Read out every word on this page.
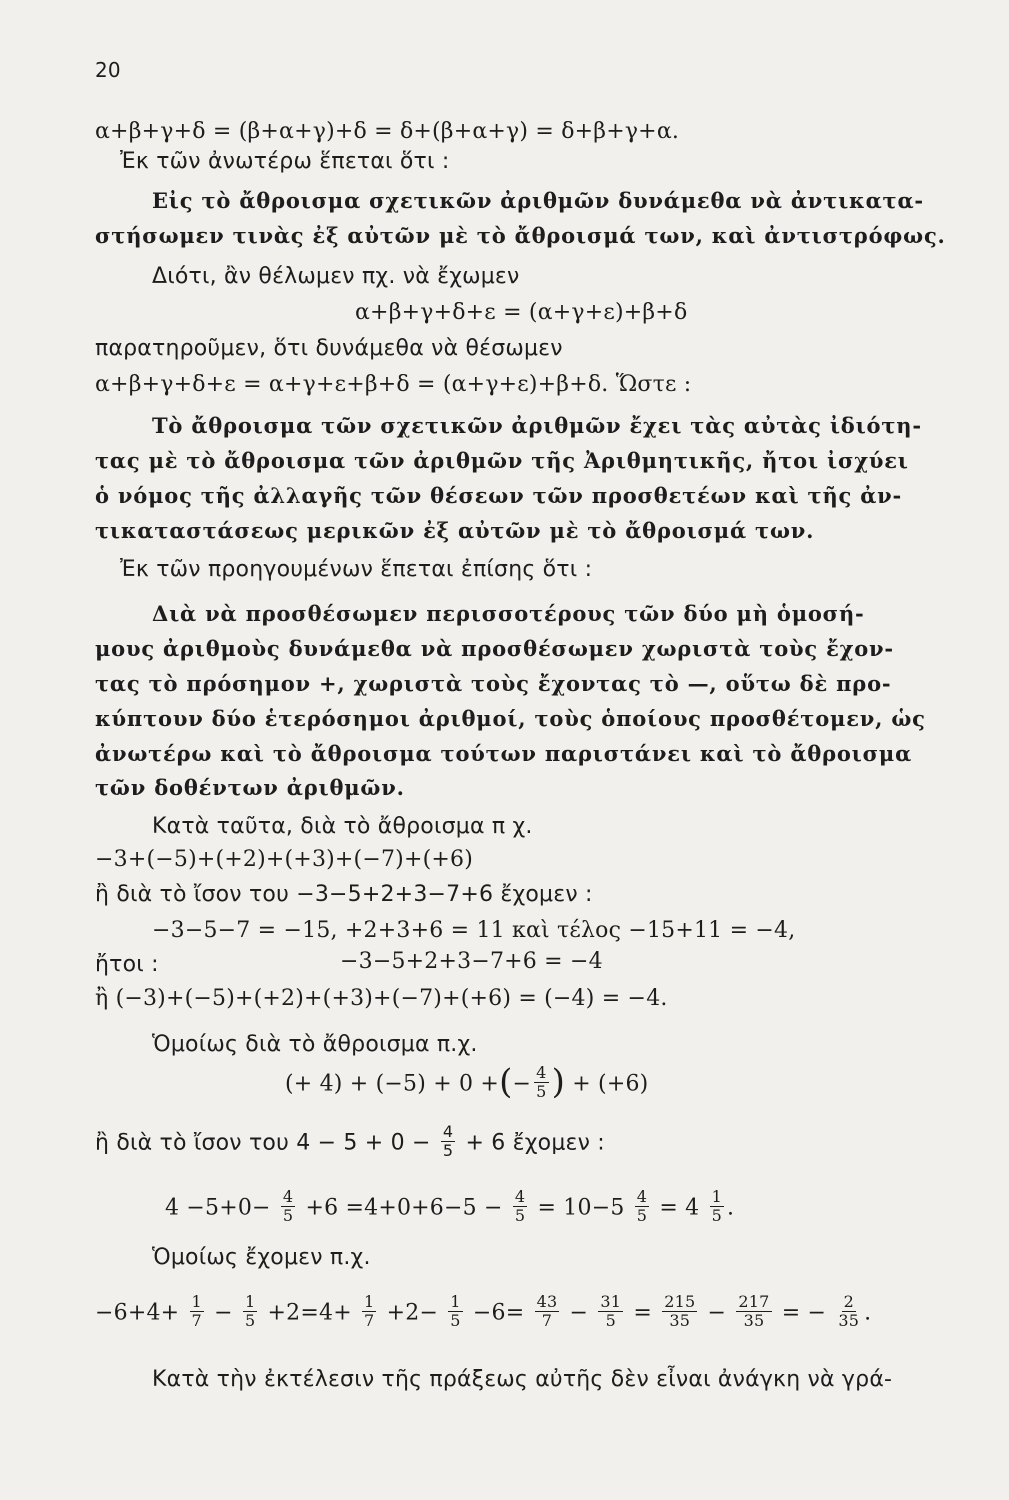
20
α+β+γ+δ = (β+α+γ)+δ = δ+(β+α+γ) = δ+β+γ+α.
Ἐκ τῶν ἀνωτέρω ἕπεται ὅτι :
Εἰς τὸ ἄθροισμα σχετικῶν ἀριθμῶν δυνάμεθα νὰ ἀντικατα-
στήσωμεν τινὰς ἐξ αὐτῶν μὲ τὸ ἄθροισμά των, καὶ ἀντιστρόφως.
Διότι, ἂν θέλωμεν πχ. νὰ ἔχωμεν
α+β+γ+δ+ε = (α+γ+ε)+β+δ
παρατηροῦμεν, ὅτι δυνάμεθα νὰ θέσωμεν
α+β+γ+δ+ε = α+γ+ε+β+δ = (α+γ+ε)+β+δ. Ὥστε :
Τὸ ἄθροισμα τῶν σχετικῶν ἀριθμῶν ἔχει τὰς αὐτὰς ἰδιότη-
τας μὲ τὸ ἄθροισμα τῶν ἀριθμῶν τῆς Ἀριθμητικῆς, ἤτοι ἰσχύει
ὁ νόμος τῆς ἀλλαγῆς τῶν θέσεων τῶν προσθετέων καὶ τῆς ἀν-
τικαταστάσεως μερικῶν ἐξ αὐτῶν μὲ τὸ ἄθροισμά των.
Ἐκ τῶν προηγουμένων ἕπεται ἐπίσης ὅτι :
Διὰ νὰ προσθέσωμεν περισσοτέρους τῶν δύο μὴ ὁμοσή-
μους ἀριθμοὺς δυνάμεθα νὰ προσθέσωμεν χωριστὰ τοὺς ἔχον-
τας τὸ πρόσημον +, χωριστὰ τοὺς ἔχοντας τὸ —, οὕτω δὲ προ-
κύπτουν δύο ἑτερόσημοι ἀριθμοί, τοὺς ὁποίους προσθέτομεν, ὡς
ἀνωτέρω καὶ τὸ ἄθροισμα τούτων παριστάνει καὶ τὸ ἄθροισμα
τῶν δοθέντων ἀριθμῶν.
Κατὰ ταῦτα, διὰ τὸ ἄθροισμα π χ.
−3+(−5)+(+2)+(+3)+(−7)+(+6)
ἢ διὰ τὸ ἴσον του −3−5+2+3−7+6 ἔχομεν :
−3−5−7 = −15, +2+3+6 = 11 καὶ τέλος −15+11 = −4,
ἤτοι :	−3−5+2+3−7+6 = −4
ἢ (−3)+(−5)+(+2)+(+3)+(−7)+(+6) = (−4) = −4.
Ὁμοίως διὰ τὸ ἄθροισμα π.χ.
(+ 4) + (−5) + 0 +(− $\frac{4}{5}$ ) + (+6)
ἢ διὰ τὸ ἴσον του $4 - 5 + 0 - \frac{4}{5} + 6$ ἔχομεν :
$4 -5+0- \frac{4}{5} +6 =4+0+6-5 - \frac{4}{5} = 10-5 \frac{4}{5} = 4 \frac{1}{5}$ .
Ὁμοίως ἔχομεν π.χ.
$-6+4+ \frac{1}{7} - \frac{1}{5} +2=4+ \frac{1}{7} +2- \frac{1}{5} -6= \frac{43}{7} - \frac{31}{5} = \frac{215}{35} - \frac{217}{35}$ = − $\frac{2}{35}$ .
Κατὰ τὴν ἐκτέλεσιν τῆς πράξεως αὐτῆς δὲν εἶναι ἀνάγκη νὰ γρά-
